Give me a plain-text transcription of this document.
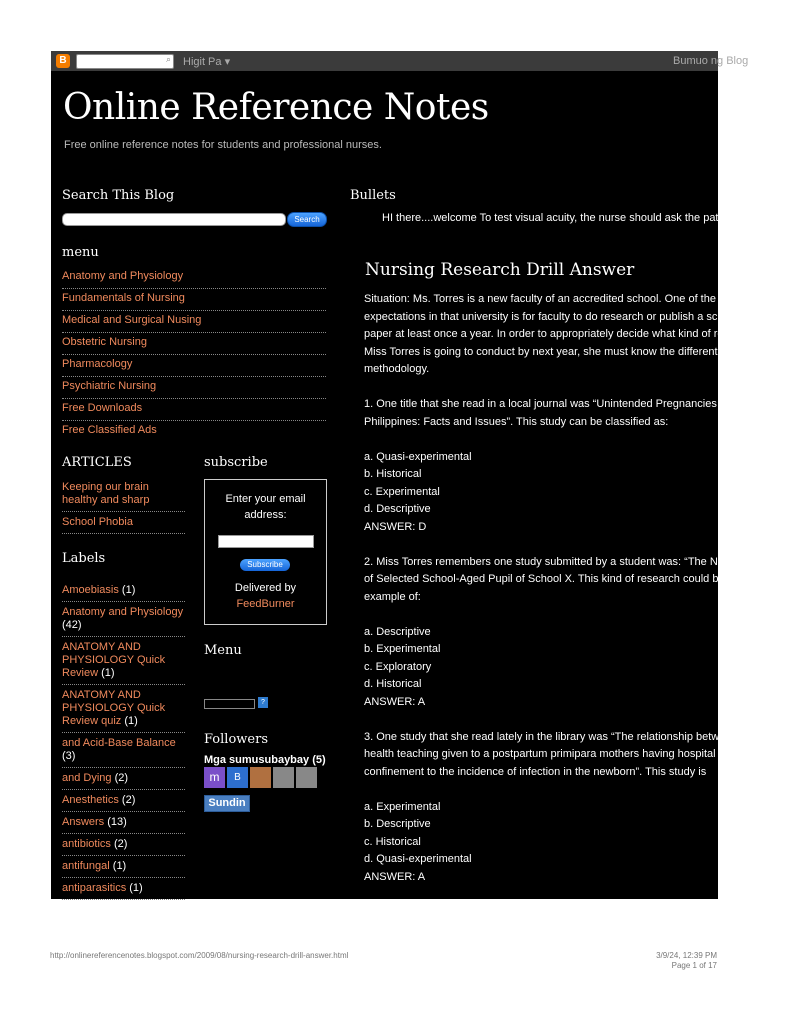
B	⌕ Higit Pa ▾	Bumuo ng Blog
Online Reference Notes
Free online reference notes for students and professional nurses.
Search This Blog
Search
menu
Anatomy and Physiology
Fundamentals of Nursing
Medical and Surgical Nusing
Obstetric Nursing
Pharmacology
Psychiatric Nursing
Free Downloads
Free Classified Ads
ARTICLES
Keeping our brain healthy and sharp
School Phobia
Labels
Amoebiasis (1)
Anatomy and Physiology (42)
ANATOMY AND PHYSIOLOGY Quick Review (1)
ANATOMY AND PHYSIOLOGY Quick Review quiz (1)
and Acid-Base Balance (3)
and Dying (2)
Anesthetics (2)
Answers (13)
antibiotics (2)
antifungal (1)
antiparasitics (1)
subscribe
Enter your email address:
Subscribe
Delivered by
FeedBurner
Menu
?
Followers
Mga sumusubaybay (5)
m	B
Sundin
Bullets
HI there....welcome To test visual acuity, the nurse should ask the patient
Nursing Research Drill Answer

Situation: Ms. Torres is a new faculty of an accredited school. One of the

expectations in that university is for faculty to do research or publish a scientific

paper at least once a year. In order to appropriately decide what kind of research

Miss Torres is going to conduct by next year, she must know the different research

methodology.

1. One title that she read in a local journal was “Unintended Pregnancies in the

Philippines: Facts and Issues”. This study can be classified as:

a. Quasi-experimental

b. Historical

c. Experimental

d. Descriptive

ANSWER: D

2. Miss Torres remembers one study submitted by a student was: “The Nutritional Status

of Selected School-Aged Pupil of School X. This kind of research could be an

example of:

a. Descriptive

b. Experimental

c. Exploratory

d. Historical

ANSWER: A

3. One study that she read lately in the library was “The relationship between

health teaching given to a postpartum primipara mothers having hospital

confinement to the incidence of infection in the newborn”. This study is

a. Experimental

b. Descriptive

c. Historical

d. Quasi-experimental

ANSWER: A

http://onlinereferencenotes.blogspot.com/2009/08/nursing-research-drill-answer.html	3/9/24, 12:39 PM
Page 1 of 17
